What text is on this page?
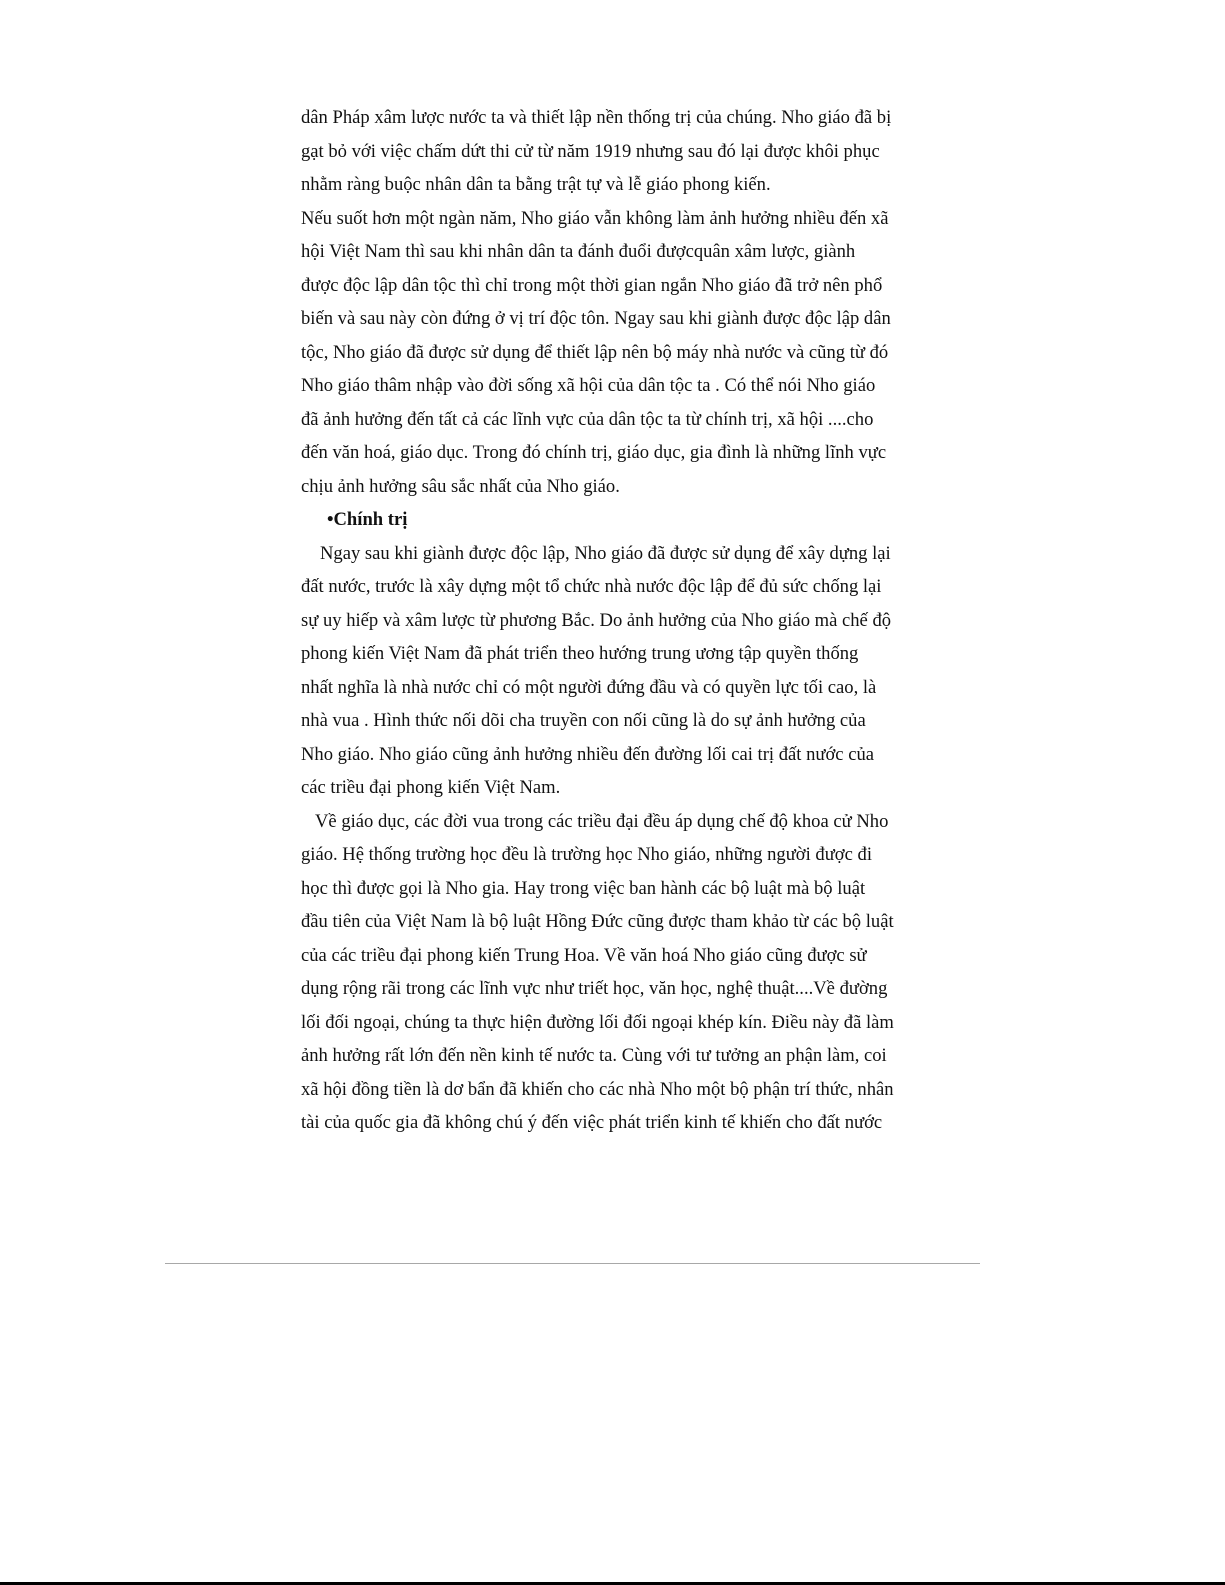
dân Pháp xâm lược nước ta và thiết lập nền thống trị của chúng. Nho giáo đã bị
gạt bỏ với việc chấm dứt thi cử từ năm 1919 nhưng sau đó lại được khôi phục
nhằm ràng buộc nhân dân ta bằng trật tự và lễ giáo phong kiến.
Nếu suốt hơn một ngàn năm, Nho giáo vẫn không làm ảnh hưởng nhiều đến xã
hội Việt Nam thì sau khi nhân dân ta đánh đuổi đượcquân xâm lược, giành
được độc lập dân tộc thì chỉ trong một thời gian ngắn Nho giáo đã trở nên phổ
biến và sau này còn đứng ở vị trí độc tôn. Ngay sau khi giành được độc lập dân
tộc, Nho giáo đã được sử dụng để thiết lập nên bộ máy nhà nước và cũng từ đó
Nho giáo thâm nhập vào đời sống xã hội của dân tộc ta . Có thể nói Nho giáo
đã ảnh hưởng đến tất cả các lĩnh vực của dân tộc ta từ chính trị, xã hội ....cho
đến văn hoá, giáo dục. Trong đó chính trị, giáo dục, gia đình là những lĩnh vực
chịu ảnh hưởng sâu sắc nhất của Nho giáo.
•Chính trị
Ngay sau khi giành được độc lập, Nho giáo đã được sử dụng để xây dựng lại
đất nước, trước là xây dựng một tổ chức nhà nước độc lập để đủ sức chống lại
sự uy hiếp và xâm lược từ phương Bắc. Do ảnh hưởng của Nho giáo mà chế độ
phong kiến Việt Nam đã phát triển theo hướng trung ương tập quyền thống
nhất nghĩa là nhà nước chỉ có một người đứng đầu và có quyền lực tối cao, là
nhà vua . Hình thức nối dõi cha truyền con nối cũng là do sự ảnh hưởng của
Nho giáo. Nho giáo cũng ảnh hưởng nhiều đến đường lối cai trị đất nước của
các triều đại phong kiến Việt Nam.
Về giáo dục, các đời vua trong các triều đại đều áp dụng chế độ khoa cử Nho
giáo. Hệ thống trường học đều là trường học Nho giáo, những người được đi
học thì được gọi là Nho gia. Hay trong việc ban hành các bộ luật mà bộ luật
đầu tiên của Việt Nam là bộ luật Hồng Đức cũng được tham khảo từ các bộ luật
của các triều đại phong kiến Trung Hoa. Về văn hoá Nho giáo cũng được sử
dụng rộng rãi trong các lĩnh vực như triết học, văn học, nghệ thuật....Về đường
lối đối ngoại, chúng ta thực hiện đường lối đối ngoại khép kín. Điều này đã làm
ảnh hưởng rất lớn đến nền kinh tế nước ta. Cùng với tư tưởng an phận làm, coi
xã hội đồng tiền là dơ bẩn đã khiến cho các nhà Nho một bộ phận trí thức, nhân
tài của quốc gia đã không chú ý đến việc phát triển kinh tế khiến cho đất nước
